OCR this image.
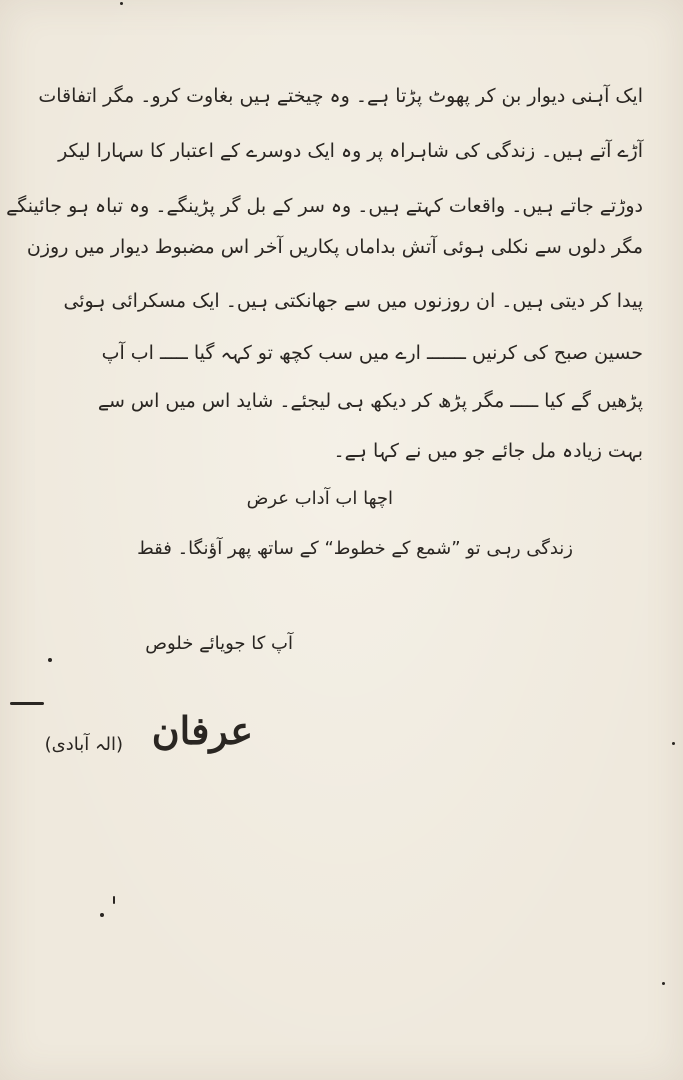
ایک آہنی دیوار بن کر پھوٹ پڑتا ہے۔ وہ چیختے ہیں بغاوت کرو۔ مگر اتفاقات
آڑے آتے ہیں۔ زندگی کی شاہراہ پر وہ ایک دوسرے کے اعتبار کا سہارا لیکر
دوڑتے جاتے ہیں۔ واقعات کہتے ہیں۔ وہ سر کے بل گر پڑینگے۔ وہ تباہ ہو جائینگے
مگر دلوں سے نکلی ہوئی آتش بداماں پکاریں آخر اس مضبوط دیوار میں روزن
پیدا کر دیتی ہیں۔ ان روزنوں میں سے جھانکتی ہیں۔ ایک مسکرائی ہوئی
حسین صبح کی کرنیں ـــــــ ارے میں سب کچھ تو کہہ گیا ـــــ اب آپ
پڑھیں گے کیا ـــــ مگر پڑھ کر دیکھ ہی لیجئے۔ شاید اس میں اس سے
بہت زیادہ مل جائے جو میں نے کہا ہے۔
اچھا اب آداب عرض
زندگی رہی تو ”شمع کے خطوط“ کے ساتھ پھر آؤنگا۔ فقط
آپ کا جویائے خلوص
عرفان
(الہ آبادی)
